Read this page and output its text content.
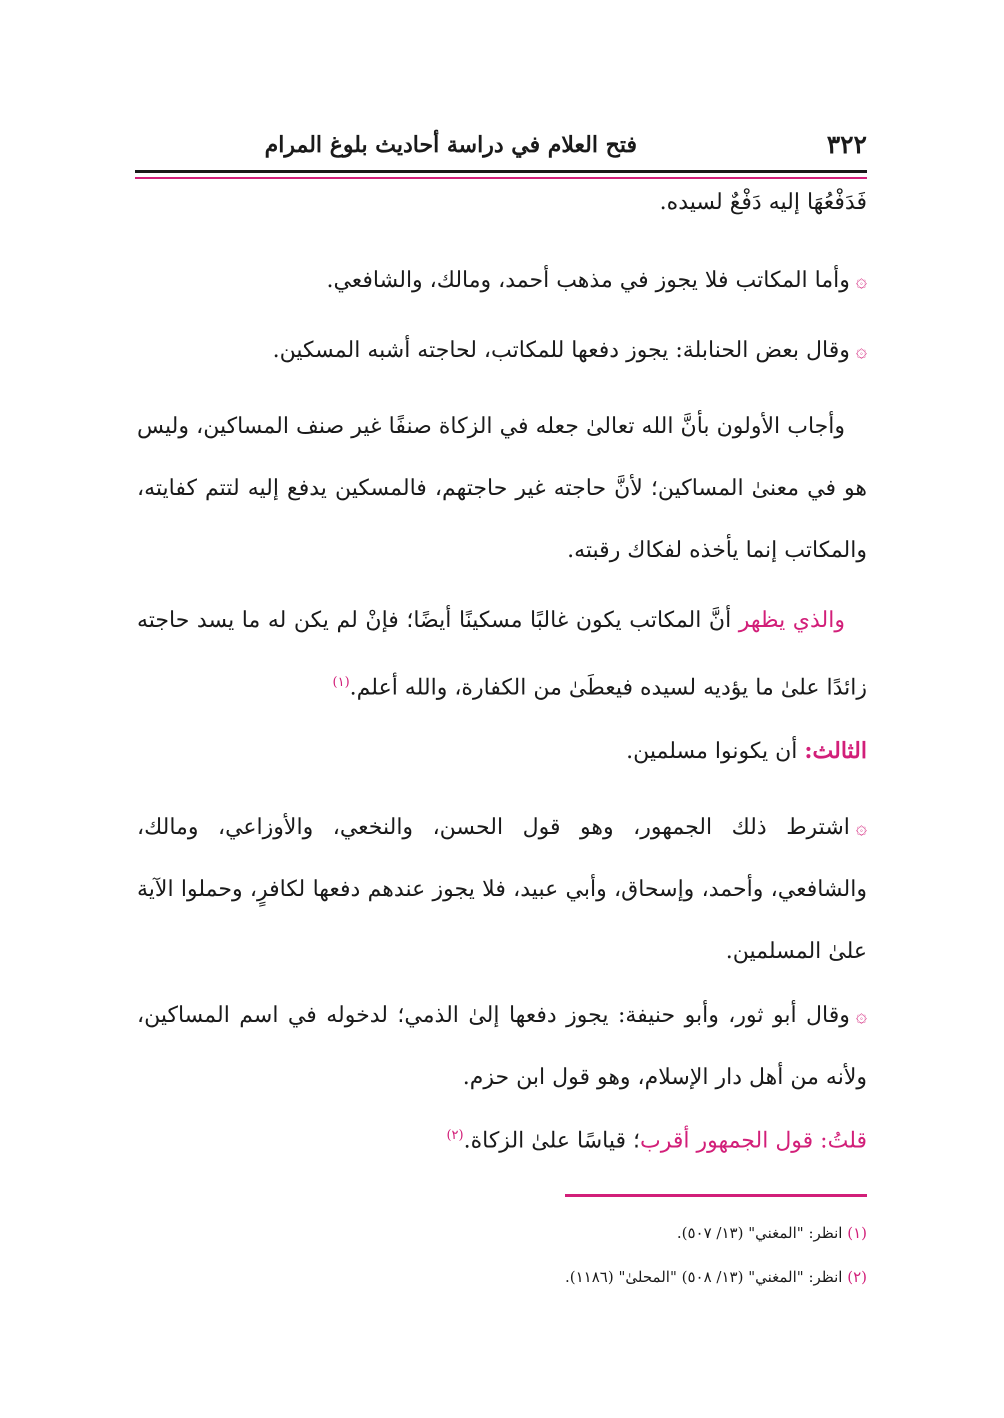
٣٢٢
فتح العلام في دراسة أحاديث بلوغ المرام
فَدَفْعُهَا إليه دَفْعٌ لسيده.
۞وأما المكاتب فلا يجوز في مذهب أحمد، ومالك، والشافعي.
۞وقال بعض الحنابلة: يجوز دفعها للمكاتب، لحاجته أشبه المسكين.
وأجاب الأولون بأنَّ الله تعالىٰ جعله في الزكاة صنفًا غير صنف المساكين، وليس هو في معنىٰ المساكين؛ لأنَّ حاجته غير حاجتهم، فالمسكين يدفع إليه لتتم كفايته، والمكاتب إنما يأخذه لفكاك رقبته.
والذي يظهر أنَّ المكاتب يكون غالبًا مسكينًا أيضًا؛ فإنْ لم يكن له ما يسد حاجته زائدًا علىٰ ما يؤديه لسيده فيعطَىٰ من الكفارة، والله أعلم.$^{(١)}$
الثالث: أن يكونوا مسلمين.
۞اشترط ذلك الجمهور، وهو قول الحسن، والنخعي، والأوزاعي، ومالك، والشافعي، وأحمد، وإسحاق، وأبي عبيد، فلا يجوز عندهم دفعها لكافرٍ، وحملوا الآية علىٰ المسلمين.
۞وقال أبو ثور، وأبو حنيفة: يجوز دفعها إلىٰ الذمي؛ لدخوله في اسم المساكين، ولأنه من أهل دار الإسلام، وهو قول ابن حزم.
قلتُ: قول الجمهور أقرب؛ قياسًا علىٰ الزكاة.$^{(٢)}$
(١) انظر: "المغني" (١٣/ ٥٠٧).
(٢) انظر: "المغني" (١٣/ ٥٠٨) "المحلىٰ" (١١٨٦).
